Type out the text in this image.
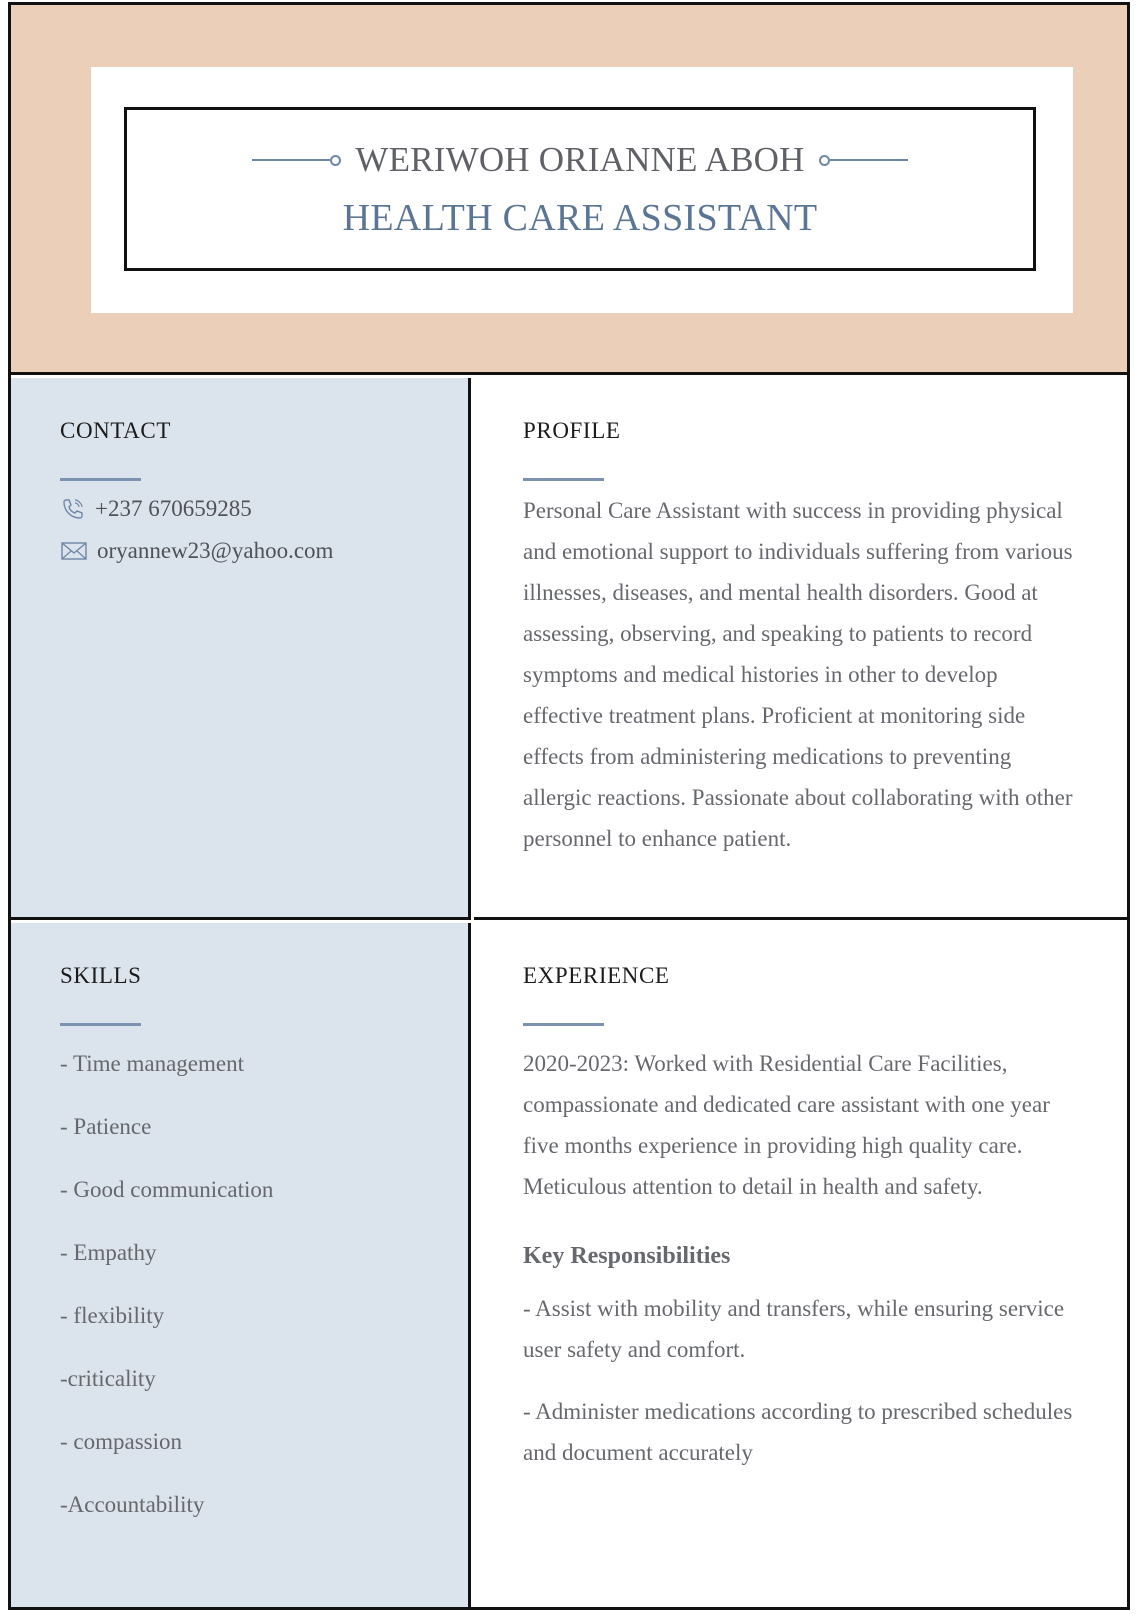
WERIWOH ORIANNE ABOH
HEALTH CARE ASSISTANT
CONTACT
+237 670659285
oryannew23@yahoo.com
PROFILE
Personal Care Assistant with success in providing physical and emotional support to individuals suffering from various illnesses, diseases, and mental health disorders. Good at assessing, observing, and speaking to patients to record symptoms and medical histories in other to develop effective treatment plans. Proficient at monitoring side effects from administering medications to preventing allergic reactions. Passionate about collaborating with other personnel to enhance patient.
SKILLS
- Time management
- Patience
- Good communication
- Empathy
- flexibility
-criticality
- compassion
-Accountability
EXPERIENCE
2020-2023: Worked with Residential Care Facilities, compassionate and dedicated care assistant with one year five months experience in providing high quality care. Meticulous attention to detail in health and safety.
Key Responsibilities
- Assist with mobility and transfers, while ensuring service user safety and comfort.
- Administer medications according to prescribed schedules and document accurately
